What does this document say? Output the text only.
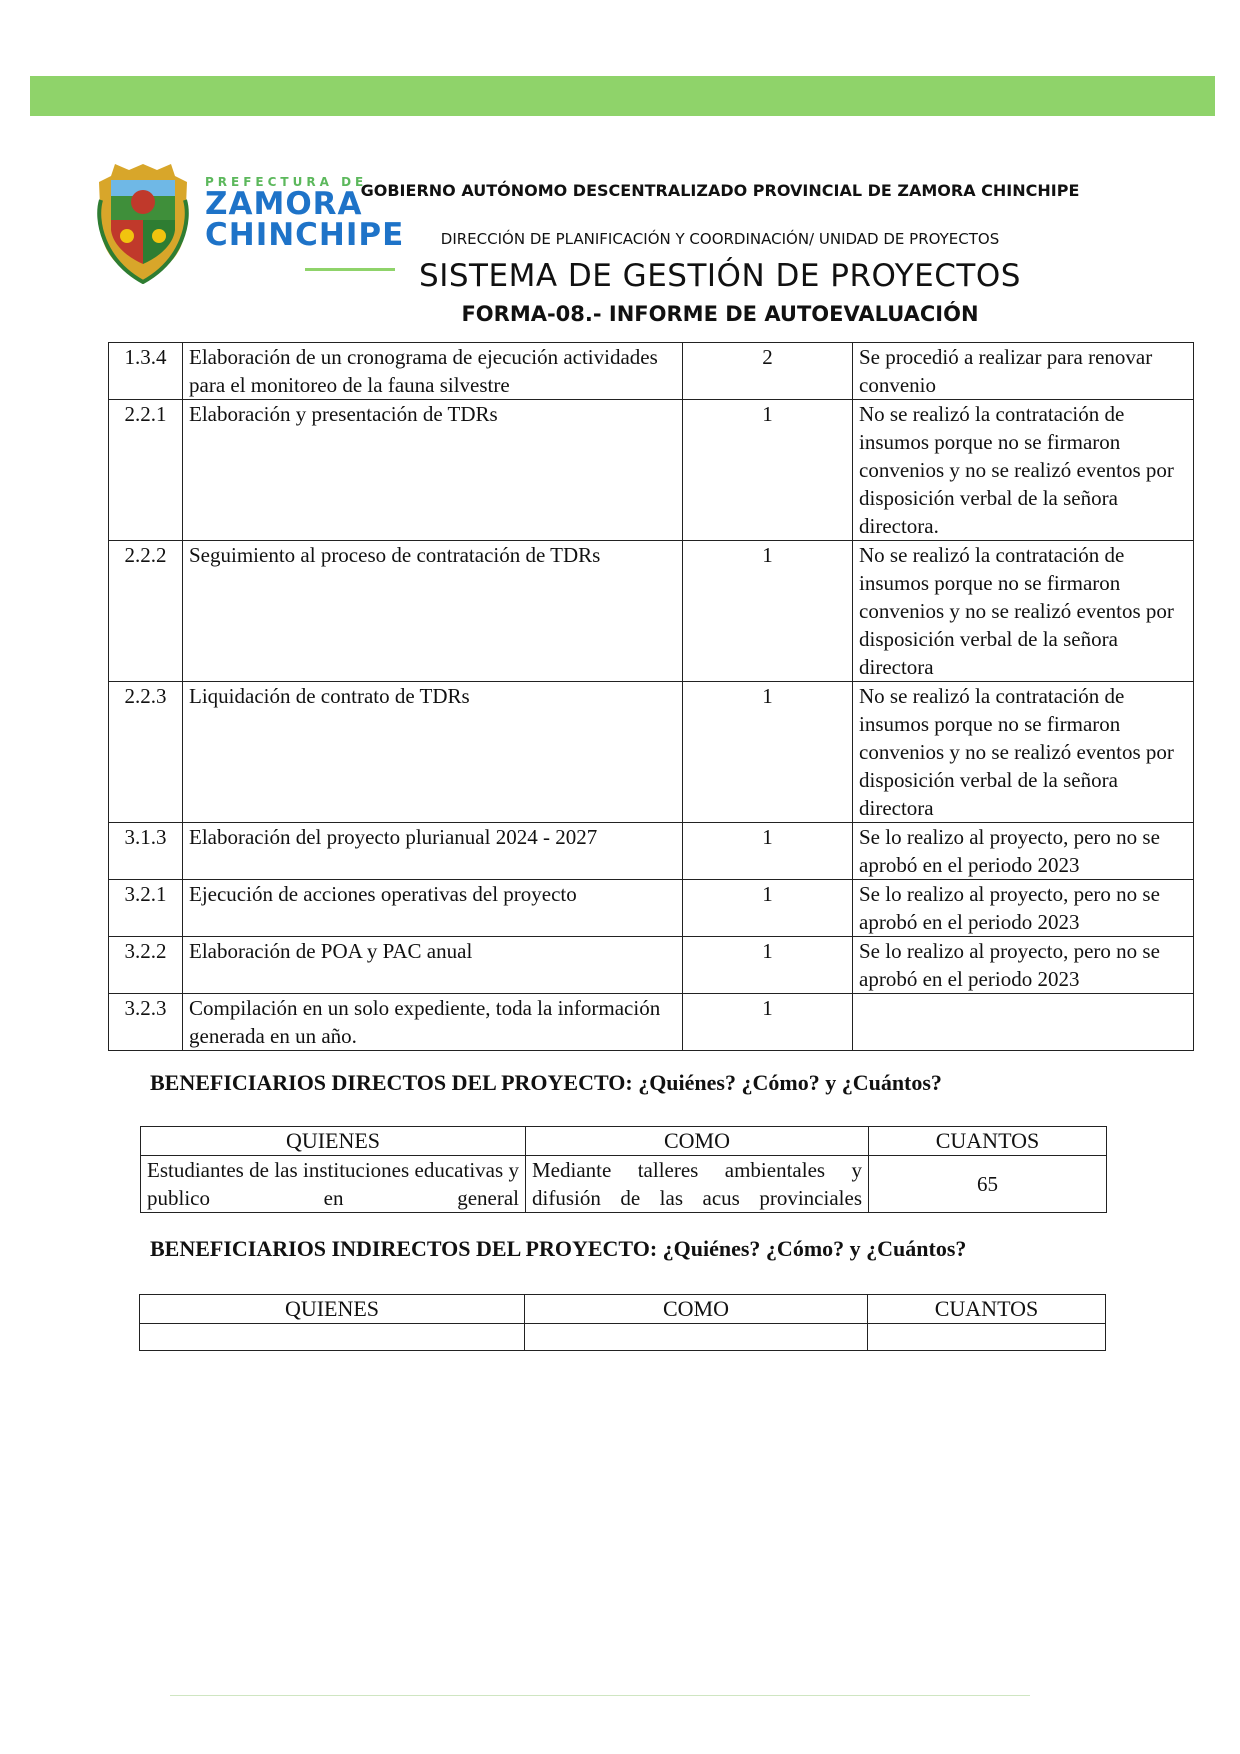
PREFECTURA DE
ZAMORA
CHINCHIPE
GOBIERNO AUTÓNOMO DESCENTRALIZADO PROVINCIAL DE ZAMORA CHINCHIPE
DIRECCIÓN DE PLANIFICACIÓN Y COORDINACIÓN/ UNIDAD DE PROYECTOS
SISTEMA DE GESTIÓN DE PROYECTOS
FORMA-08.- INFORME DE AUTOEVALUACIÓN
1.3.4	Elaboración de un cronograma de ejecución actividades para el monitoreo de la fauna silvestre	2	Se procedió a realizar para renovar
convenio

2.2.1	Elaboración y presentación de TDRs	1	No se realizó la contratación de
insumos porque no se firmaron
convenios y no se realizó eventos por
disposición verbal de la señora
directora.

2.2.2	Seguimiento al proceso de contratación de TDRs	1	No se realizó la contratación de
insumos porque no se firmaron
convenios y no se realizó eventos por
disposición verbal de la señora
directora

2.2.3	Liquidación de contrato de TDRs	1	No se realizó la contratación de
insumos porque no se firmaron
convenios y no se realizó eventos por
disposición verbal de la señora
directora

3.1.3	Elaboración del proyecto plurianual 2024 - 2027	1	Se lo realizo al proyecto, pero no se
aprobó en el periodo 2023

3.2.1	Ejecución de acciones operativas del proyecto	1	Se lo realizo al proyecto, pero no se
aprobó en el periodo 2023

3.2.2	Elaboración de POA y PAC anual	1	Se lo realizo al proyecto, pero no se
aprobó en el periodo 2023

3.2.3	Compilación en un solo expediente, toda la información generada en un año.	1	
BENEFICIARIOS DIRECTOS DEL PROYECTO: ¿Quiénes? ¿Cómo? y ¿Cuántos?
QUIENES	COMO	CUANTOS
Estudiantes de las instituciones educativas y publico en general	Mediante talleres ambientales y difusión de las acus provinciales	65
BENEFICIARIOS INDIRECTOS DEL PROYECTO: ¿Quiénes? ¿Cómo? y ¿Cuántos?
QUIENES	COMO	CUANTOS
